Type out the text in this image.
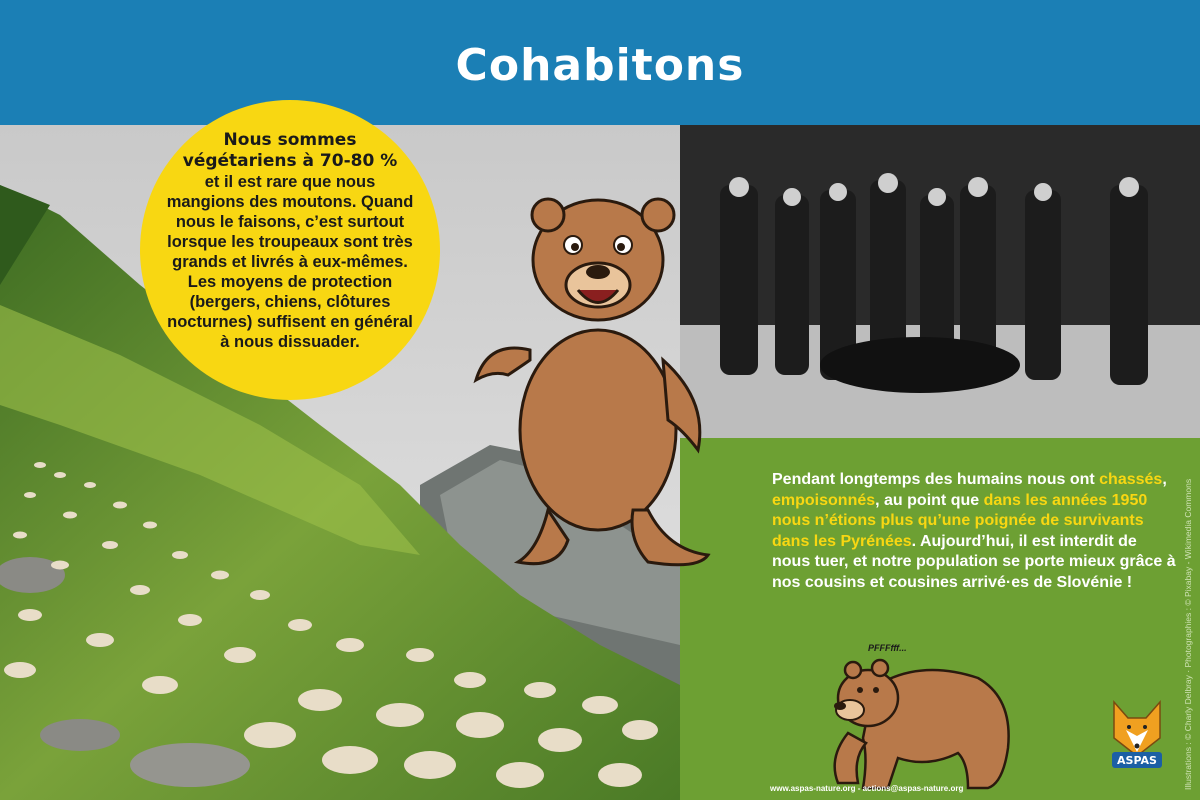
Cohabitons
Nous sommes
végétariens à 70-80 %
et il est rare que nous mangions des moutons. Quand nous le faisons, c’est surtout lorsque les troupeaux sont très grands et livrés à eux-mêmes. Les moyens de protection (bergers, chiens, clôtures nocturnes) suffisent en général à nous dissuader.
Pendant longtemps des humains nous ont chassés, empoisonnés, au point que dans les années 1950 nous n’étions plus qu’une poignée de survivants dans les Pyrénées. Aujourd’hui, il est interdit de nous tuer, et notre population se porte mieux grâce à nos cousins et cousines arrivé·es de Slovénie !
PFFFfff...
ASPAS
www.aspas-nature.org - actions@aspas-nature.org	Illustrations : © Charly Delbray · Photographies : © Pixabay - Wikimedia Commons
